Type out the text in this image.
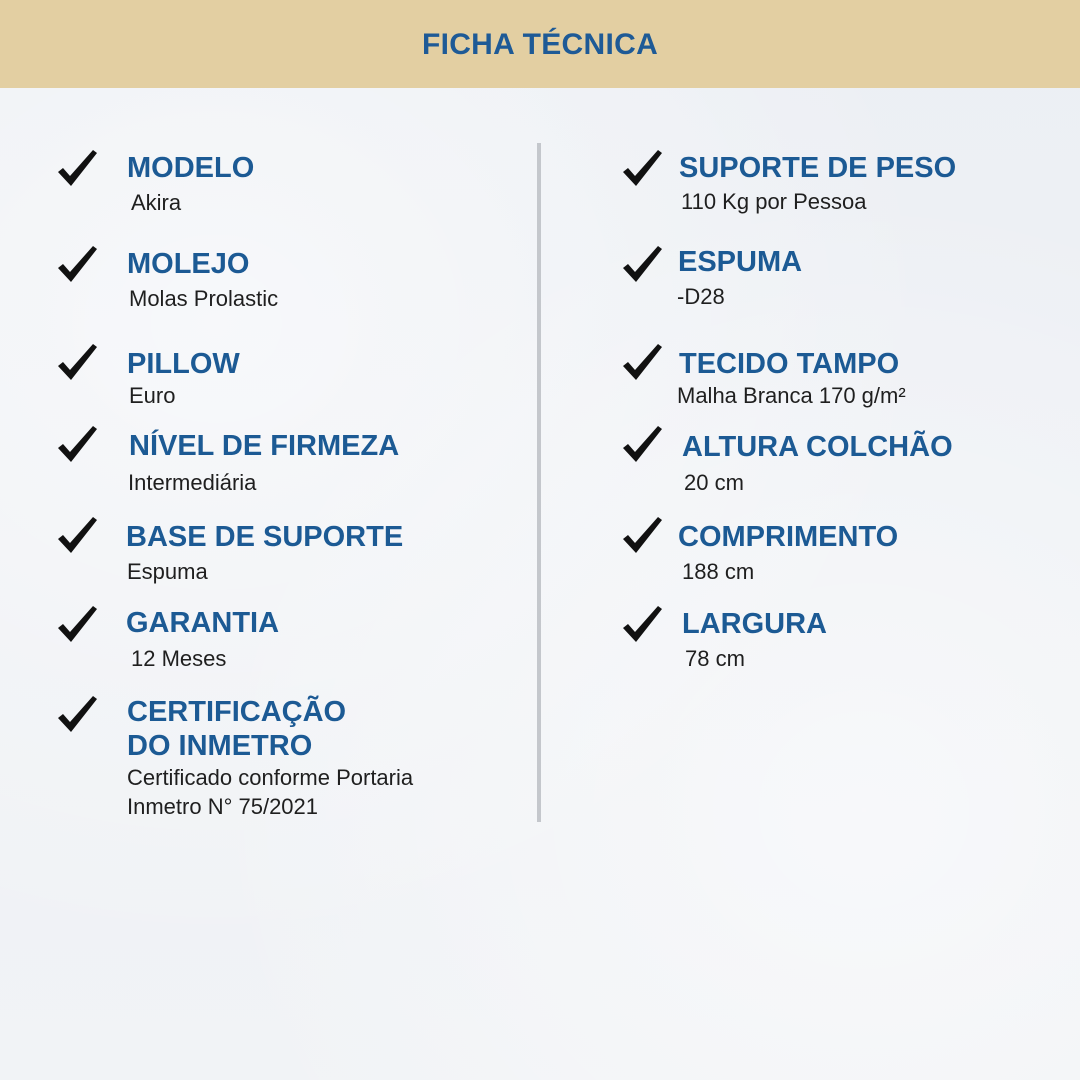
FICHA TÉCNICA
MODELO
Akira
MOLEJO
Molas Prolastic
PILLOW
Euro
NÍVEL DE FIRMEZA
Intermediária
BASE DE SUPORTE
Espuma
GARANTIA
12 Meses
CERTIFICAÇÃO
DO INMETRO
Certificado conforme Portaria
Inmetro N° 75/2021
SUPORTE DE PESO
110 Kg por Pessoa
ESPUMA
-D28
TECIDO TAMPO
Malha Branca 170 g/m²
ALTURA COLCHÃO
20 cm
COMPRIMENTO
188 cm
LARGURA
78 cm
